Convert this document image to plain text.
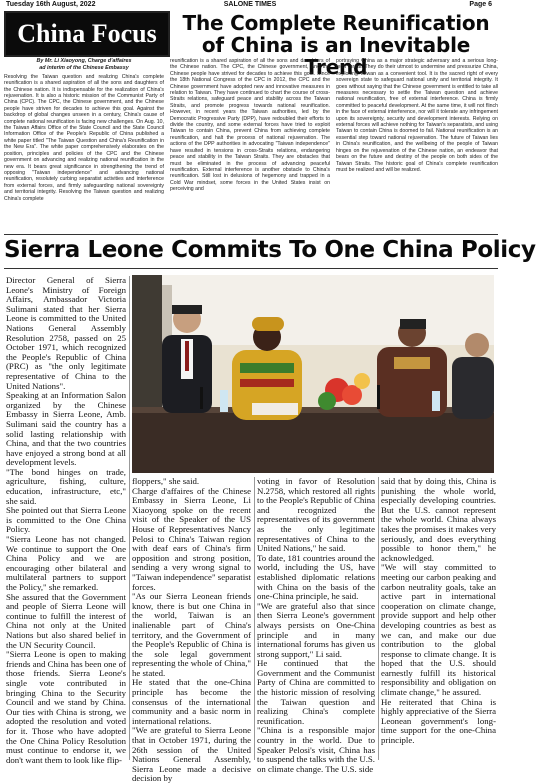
Tuesday 16th August, 2022	SALONE TIMES	Page 6
China Focus	The Complete Reunification of China is an Inevitable Trend
By Mr. Li Xiaoyong, Charge d'affaires
ad interim of the Chinese Embassy

Resolving the Taiwan question and realizing China's complete reunification is a shared aspiration of all the sons and daughters of the Chinese nation. It is indispensable for the realization of China's rejuvenation. It is also a historic mission of the Communist Party of China (CPC). The CPC, the Chinese government, and the Chinese people have striven for decades to achieve this goal. Against the backdrop of global changes unseen in a century, China's cause of complete national reunification is facing new challenges. On Aug. 10, the Taiwan Affairs Office of the State Council and the State Council Information Office of the People's Republic of China published a white paper titled "The Taiwan Question and China's Reunification in the New Era". The white paper comprehensively elaborates on the position, principles and policies of the CPC and the Chinese government on advancing and realizing national reunification in the new era. It bears great significance in strengthening the trend of opposing "Taiwan independence" and advancing national reunification, resolutely curbing separatist activities and interference from external forces, and firmly safeguarding national sovereignty and territorial integrity. Resolving the Taiwan question and realizing China's complete

reunification is a shared aspiration of all the sons and daughters of the Chinese nation. The CPC, the Chinese government, and the Chinese people have strived for decades to achieve this goal. Since the 18th National Congress of the CPC in 2012, the CPC and the Chinese government have adopted new and innovative measures in relation to Taiwan. They have continued to chart the course of cross-Straits relations, safeguard peace and stability across the Taiwan Straits, and promote progress towards national reunification. However, in recent years the Taiwan authorities, led by the Democratic Progressive Party (DPP), have redoubled their efforts to divide the country, and some external forces have tried to exploit Taiwan to contain China, prevent China from achieving complete reunification, and halt the process of national rejuvenation. The actions of the DPP authorities in advocating "Taiwan independence" have resulted in tensions in cross-Straits relations, endangering peace and stability in the Taiwan Straits. They are obstacles that must be eliminated in the process of advancing peaceful reunification. External interference is another obstacle to China's reunification. Still lost in delusions of hegemony and trapped in a Cold War mindset, some forces in the United States insist on perceiving and

portraying China as a major strategic adversary and a serious long-term threat. They do their utmost to undermine and pressurize China, exploiting Taiwan as a convenient tool. It is the sacred right of every sovereign state to safeguard national unity and territorial integrity. It goes without saying that the Chinese government is entitled to take all measures necessary to settle the Taiwan question and achieve national reunification, free of external interference. China is firmly committed to peaceful development. At the same time, it will not flinch in the face of external interference, nor will it tolerate any infringement upon its sovereignty, security and development interests. Relying on external forces will achieve nothing for Taiwan's separatists, and using Taiwan to contain China is doomed to fail. National reunification is an essential step toward national rejuvenation. The future of Taiwan lies in China's reunification, and the wellbeing of the people of Taiwan hinges on the rejuvenation of the Chinese nation, an endeavor that bears on the future and destiny of the people on both sides of the Taiwan Straits. The historic goal of China's complete reunification must be realized and will be realized.

Sierra Leone Commits To One China Policy

Director General of Sierra Leone's Ministry of Foreign Affairs, Ambassador Victoria Sulimani stated that her Sierra Leone is committed to the United Nations General Assembly Resolution 2758, passed on 25 October 1971, which recognized the People's Republic of China (PRC) as "the only legitimate representative of China to the United Nations".

Speaking at an Information Salon organized by the Chinese Embassy in Sierra Leone, Amb. Sulimani said the country has a solid lasting relationship with China, and that the two countries have enjoyed a strong bond at all development levels.

"The bond hinges on trade, agriculture, fishing, culture, education, infrastructure, etc," she said.

She pointed out that Sierra Leone is committed to the One China Policy.

"Sierra Leone has not changed. We continue to support the One China Policy and we are encouraging other bilateral and multilateral partners to support the Policy," she remarked.

She assured that the Government and people of Sierra Leone will continue to fulfill the interest of China not only at the United Nations but also shared belief in the UN Security Council.

"Sierra Leone is open to making friends and China has been one of those friends. Sierra Leone's single vote contributed in bringing China to the Security Council and we stand by China. Our ties with China is strong, we adopted the resolution and voted for it. Those who have adopted the One China Policy Resolution must continue to endorse it, we don't want them to look like flip-

floppers," she said.

Charge d'affaires of the Chinese Embassy in Sierra Leone, Li Xiaoyong spoke on the recent visit of the Speaker of the US House of Representatives Nancy Pelosi to China's Taiwan region with deaf ears of China's firm opposition and strong position, sending a very wrong signal to "Taiwan independence" separatist forces.

"As our Sierra Leonean friends know, there is but one China in the world, Taiwan is an inalienable part of China's territory, and the Government of the People's Republic of China is the sole legal government representing the whole of China," he stated.

He stated that the one-China principle has become the consensus of the international community and a basic norm in international relations.

"We are grateful to Sierra Leone that in October 1971, during the 26th session of the United Nations General Assembly, Sierra Leone made a decisive decision by

voting in favor of Resolution N.2758, which restored all rights to the People's Republic of China and recognized the representatives of its government as the only legitimate representatives of China to the United Nations," he said.

To date, 181 countries around the world, including the US, have established diplomatic relations with China on the basis of the one-China principle, he said.

"We are grateful also that since then Sierra Leone's government always persists on One-China principle and in many international forums has given us strong support," Li said.

He continued that the Government and the Communist Party of China are committed to the historic mission of resolving the Taiwan question and realizing China's complete reunification.

"China is a responsible major country in the world. Due to Speaker Pelosi's visit, China has to suspend the talks with the U.S. on climate change. The U.S. side

said that by doing this, China is punishing the whole world, especially developing countries. But the U.S. cannot represent the whole world. China always takes the promises it makes very seriously, and does everything possible to honor them," he acknowledged.

"We will stay committed to meeting our carbon peaking and carbon neutrality goals, take an active part in international cooperation on climate change, provide support and help other developing countries as best as we can, and make our due contribution to the global response to climate change. It is hoped that the U.S. should earnestly fulfill its historical responsibility and obligation on climate change," he assured.

He reiterated that China is highly appreciative of the Sierra Leonean government's long-time support for the one-China principle.
